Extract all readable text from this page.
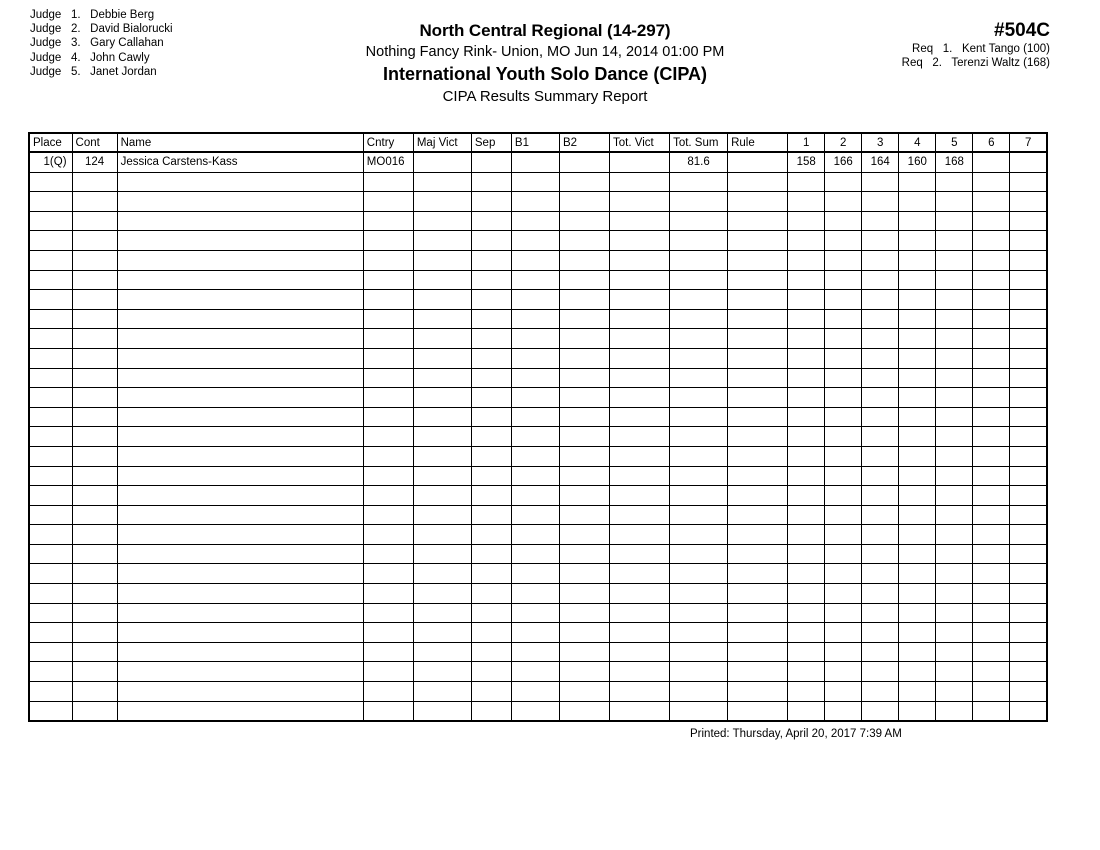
Judge 1. Debbie Berg
Judge 2. David Bialorucki
Judge 3. Gary Callahan
Judge 4. John Cawly
Judge 5. Janet Jordan
North Central Regional (14-297)
Nothing Fancy Rink- Union, MO Jun 14, 2014 01:00 PM
International Youth Solo Dance (CIPA)
CIPA Results Summary Report
#504C
Req 1. Kent Tango (100)
Req 2. Terenzi Waltz (168)
Place	Cont	Name	Cntry	Maj Vict	Sep	B1	B2	Tot. Vict	Tot. Sum	Rule	1	2	3	4	5	6	7
1(Q)	124	Jessica Carstens-Kass	MO016						81.6		158	166	164	160	168		

Printed: Thursday, April 20, 2017 7:39 AM
